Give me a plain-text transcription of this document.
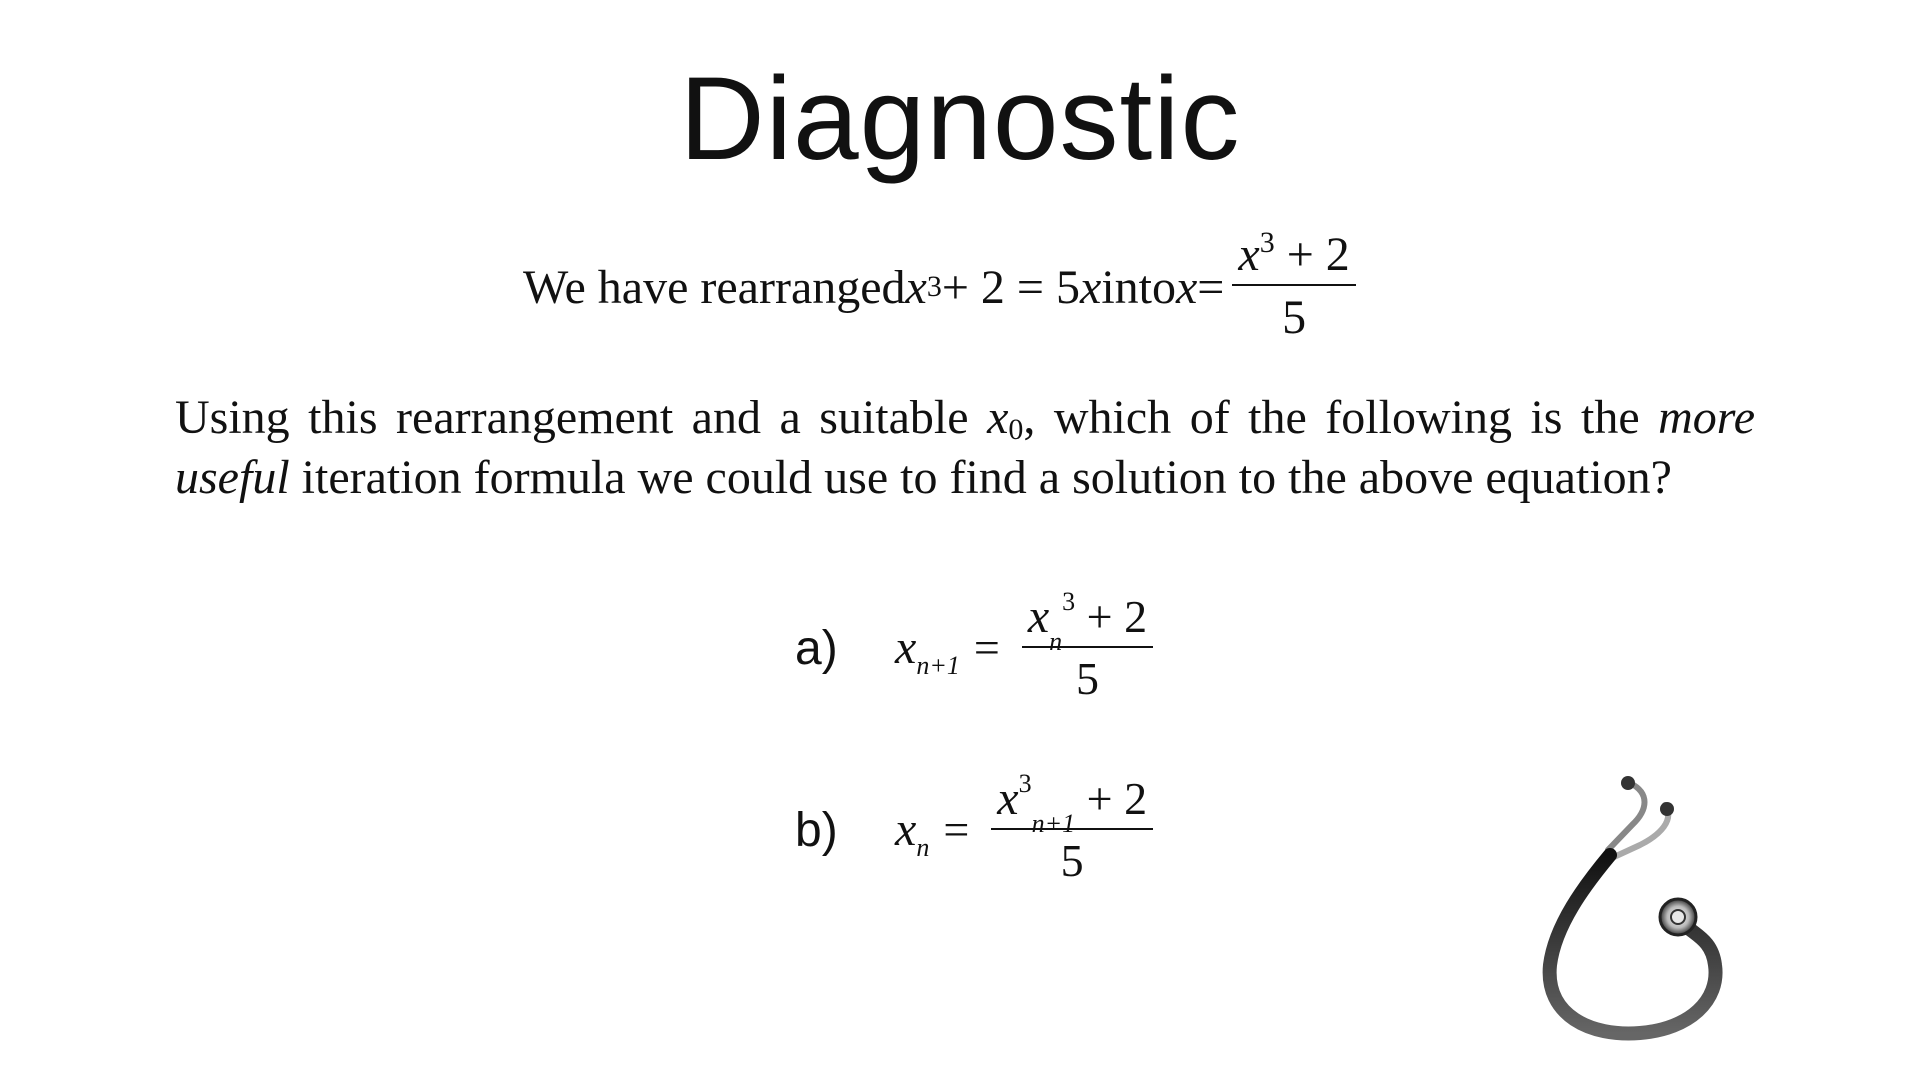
Diagnostic
We have rearranged x 3 + 2 = 5 x into $x = \frac{x^3 + 2}{5}$
Using this rearrangement and a suitable $x_0$, which of the following is the more useful iteration formula we could use to find a solution to the above equation?
a)	x $n+1 = \frac{x_n^3 + 2}{5}$
b)	x $n = \frac{x^3_{n+1} + 2}{5}$
